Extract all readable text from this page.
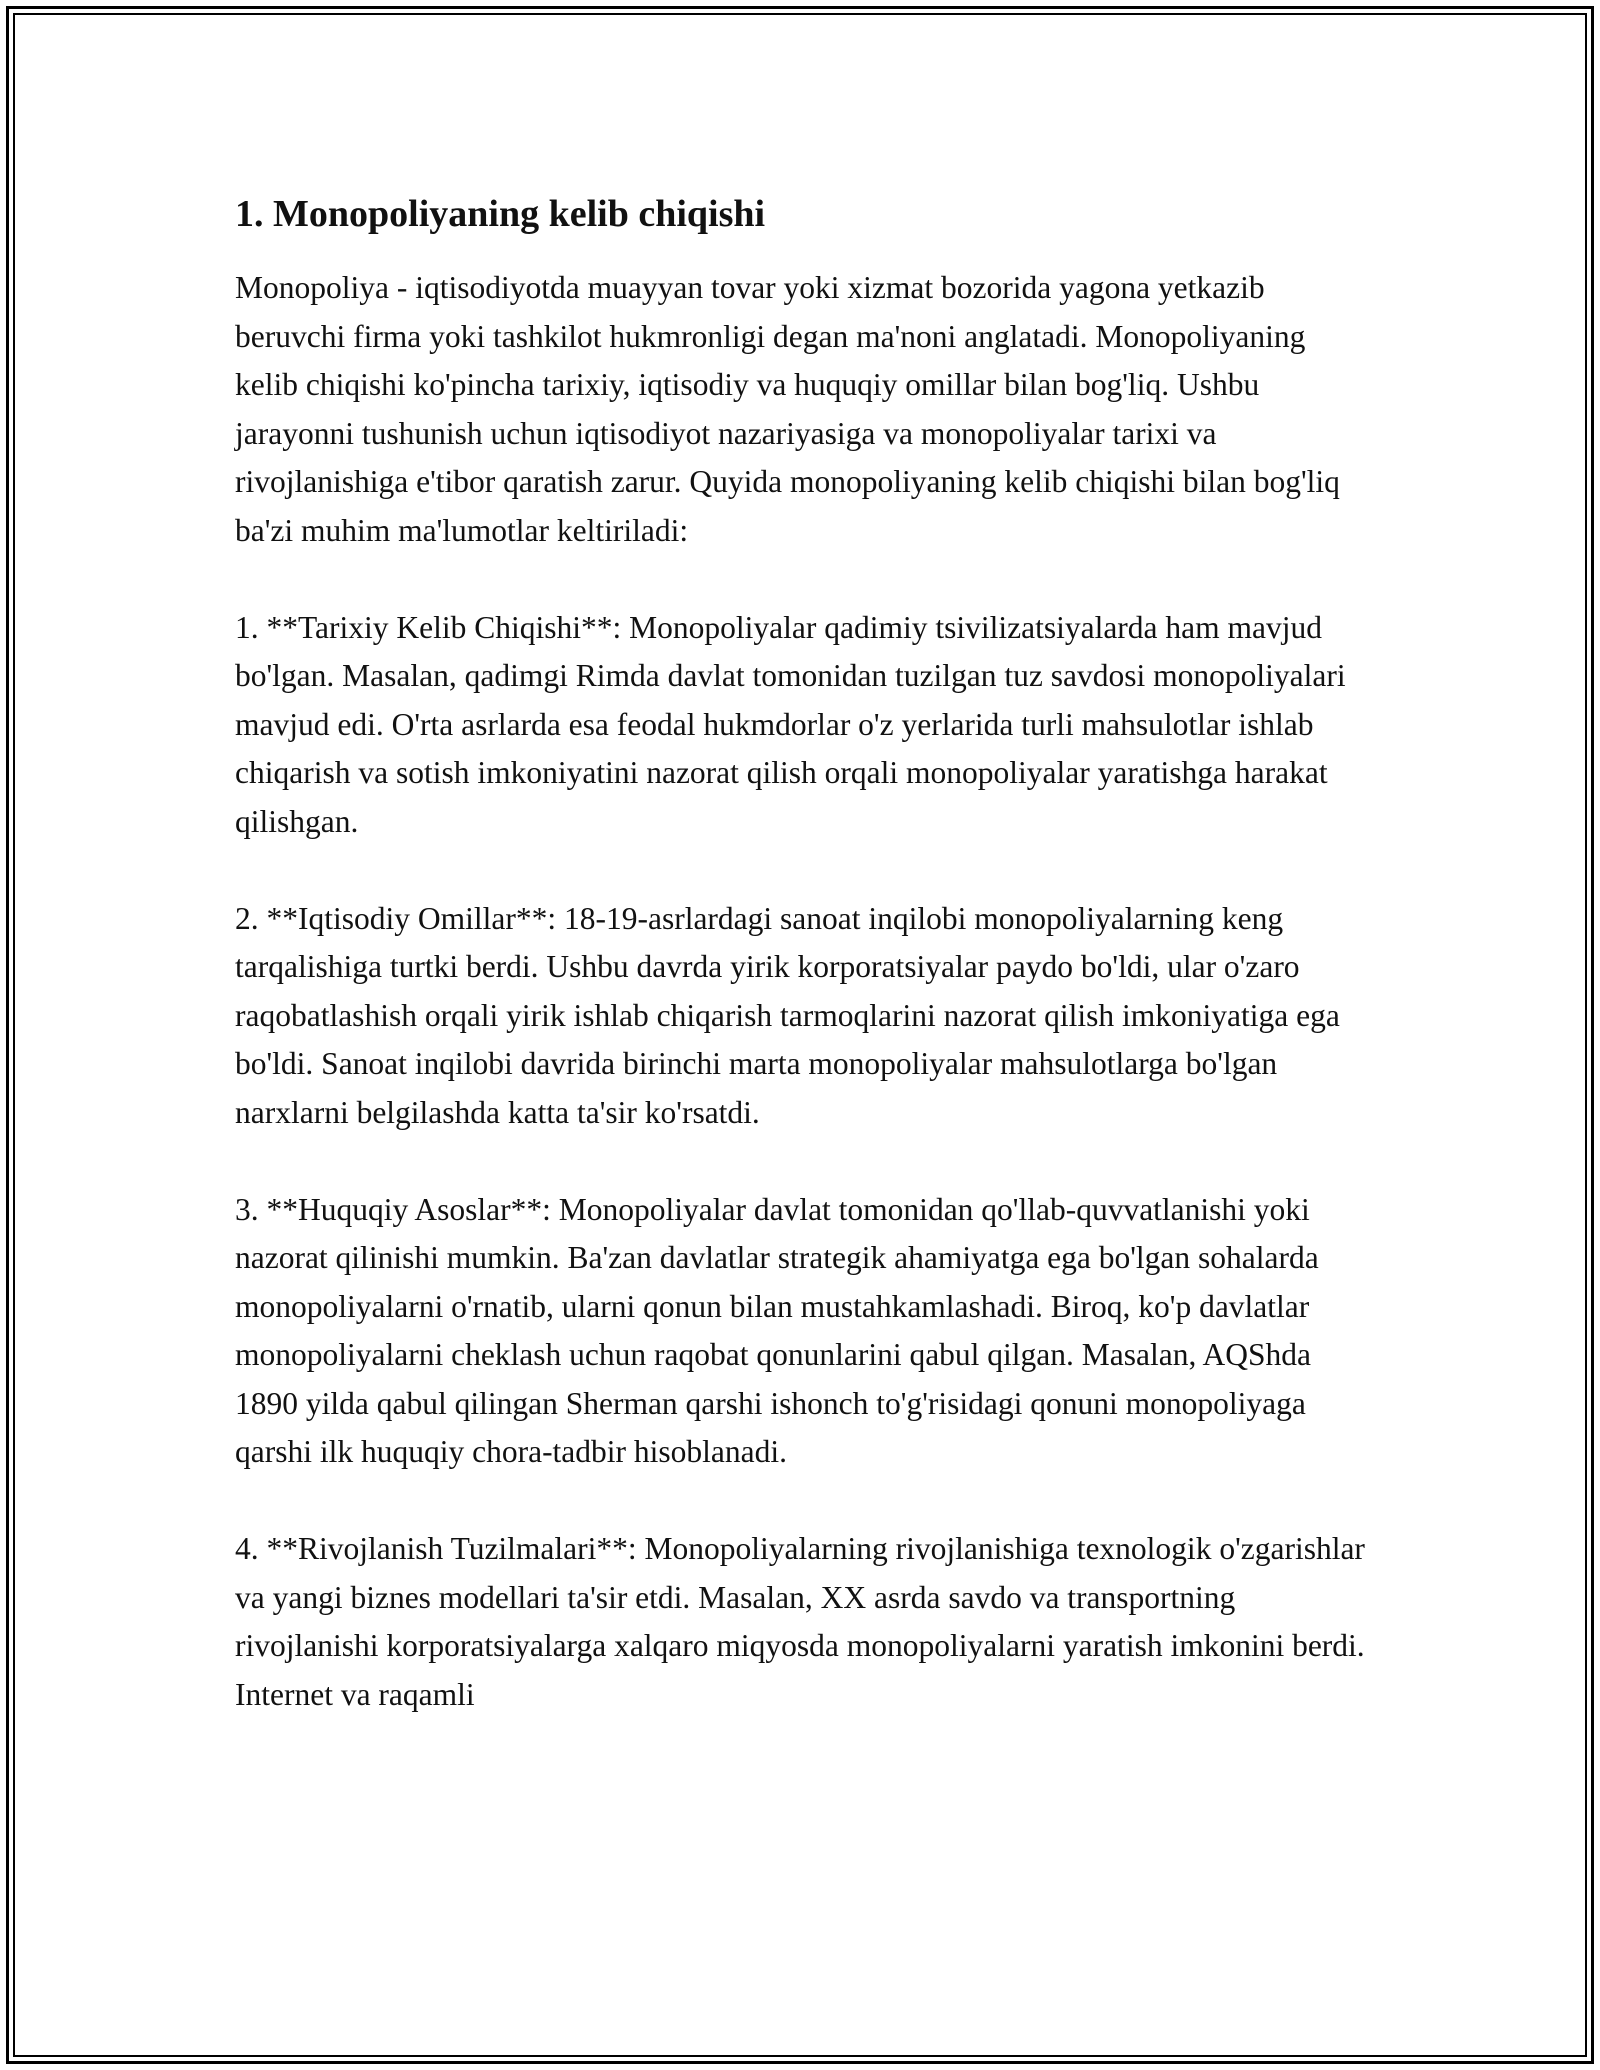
1. Monopoliyaning kelib chiqishi

Monopoliya - iqtisodiyotda muayyan tovar yoki xizmat bozorida yagona yetkazib beruvchi firma yoki tashkilot hukmronligi degan ma'noni anglatadi. Monopoliyaning kelib chiqishi ko'pincha tarixiy, iqtisodiy va huquqiy omillar bilan bog'liq. Ushbu jarayonni tushunish uchun iqtisodiyot nazariyasiga va monopoliyalar tarixi va rivojlanishiga e'tibor qaratish zarur. Quyida monopoliyaning kelib chiqishi bilan bog'liq ba'zi muhim ma'lumotlar keltiriladi:

1. **Tarixiy Kelib Chiqishi**: Monopoliyalar qadimiy tsivilizatsiyalarda ham mavjud bo'lgan. Masalan, qadimgi Rimda davlat tomonidan tuzilgan tuz savdosi monopoliyalari mavjud edi. O'rta asrlarda esa feodal hukmdorlar o'z yerlarida turli mahsulotlar ishlab chiqarish va sotish imkoniyatini nazorat qilish orqali monopoliyalar yaratishga harakat qilishgan.

2. **Iqtisodiy Omillar**: 18-19-asrlardagi sanoat inqilobi monopoliyalarning keng tarqalishiga turtki berdi. Ushbu davrda yirik korporatsiyalar paydo bo'ldi, ular o'zaro raqobatlashish orqali yirik ishlab chiqarish tarmoqlarini nazorat qilish imkoniyatiga ega bo'ldi. Sanoat inqilobi davrida birinchi marta monopoliyalar mahsulotlarga bo'lgan narxlarni belgilashda katta ta'sir ko'rsatdi.

3. **Huquqiy Asoslar**: Monopoliyalar davlat tomonidan qo'llab-quvvatlanishi yoki nazorat qilinishi mumkin. Ba'zan davlatlar strategik ahamiyatga ega bo'lgan sohalarda monopoliyalarni o'rnatib, ularni qonun bilan mustahkamlashadi. Biroq, ko'p davlatlar monopoliyalarni cheklash uchun raqobat qonunlarini qabul qilgan. Masalan, AQShda 1890 yilda qabul qilingan Sherman qarshi ishonch to'g'risidagi qonuni monopoliyaga qarshi ilk huquqiy chora-tadbir hisoblanadi.

4. **Rivojlanish Tuzilmalari**: Monopoliyalarning rivojlanishiga texnologik o'zgarishlar va yangi biznes modellari ta'sir etdi. Masalan, XX asrda savdo va transportning rivojlanishi korporatsiyalarga xalqaro miqyosda monopoliyalarni yaratish imkonini berdi. Internet va raqamli
